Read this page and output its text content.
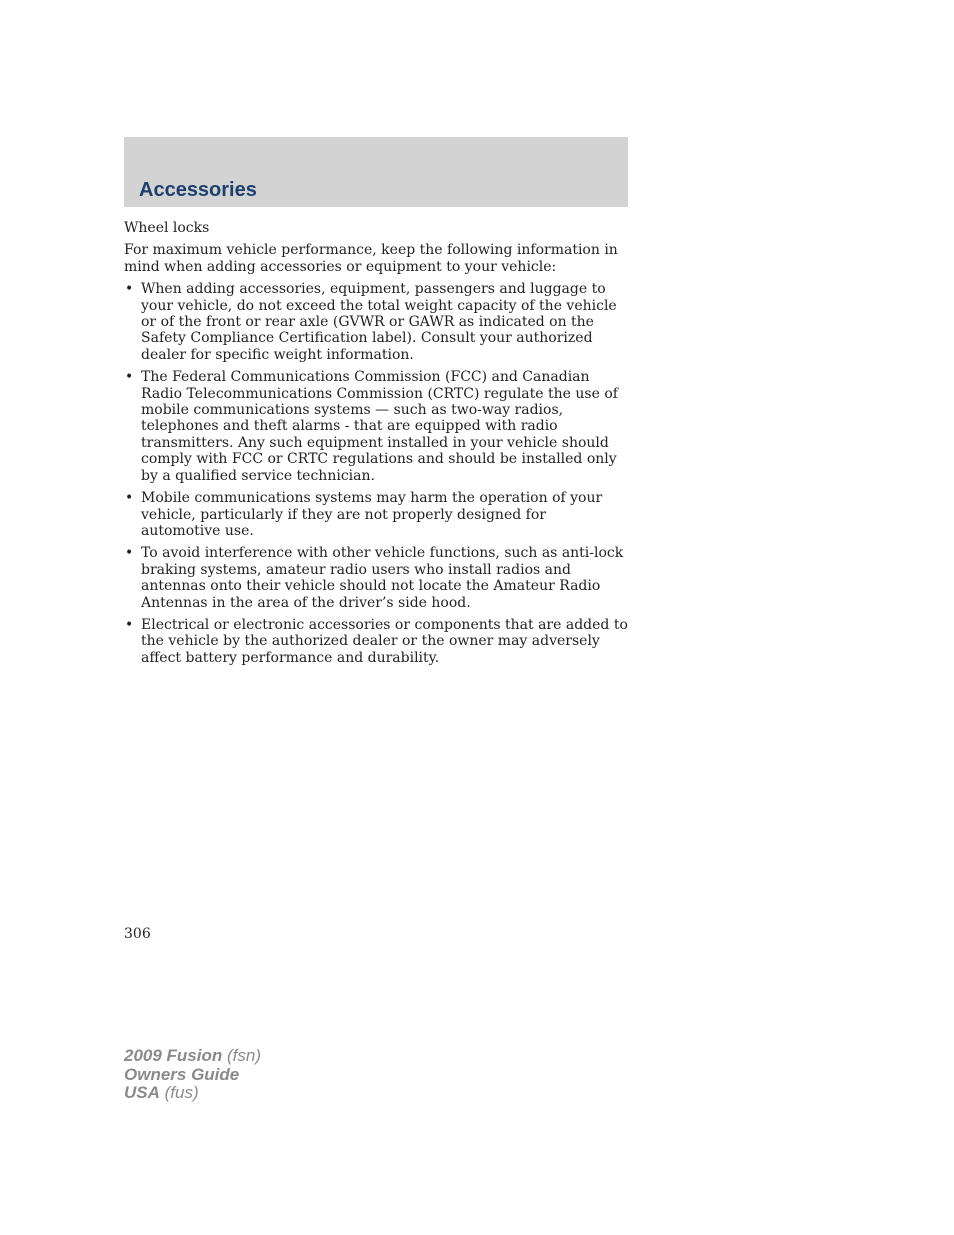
Accessories

Wheel locks

For maximum vehicle performance, keep the following information in mind when adding accessories or equipment to your vehicle:

• When adding accessories, equipment, passengers and luggage to your vehicle, do not exceed the total weight capacity of the vehicle or of the front or rear axle (GVWR or GAWR as indicated on the Safety Compliance Certification label). Consult your authorized dealer for specific weight information.
• The Federal Communications Commission (FCC) and Canadian Radio Telecommunications Commission (CRTC) regulate the use of mobile communications systems — such as two-way radios, telephones and theft alarms - that are equipped with radio transmitters. Any such equipment installed in your vehicle should comply with FCC or CRTC regulations and should be installed only by a qualified service technician.
• Mobile communications systems may harm the operation of your vehicle, particularly if they are not properly designed for automotive use.
• To avoid interference with other vehicle functions, such as anti-lock braking systems, amateur radio users who install radios and antennas onto their vehicle should not locate the Amateur Radio Antennas in the area of the driver’s side hood.
• Electrical or electronic accessories or components that are added to the vehicle by the authorized dealer or the owner may adversely affect battery performance and durability.
306
2009 Fusion (fsn)
Owners Guide
USA (fus)
